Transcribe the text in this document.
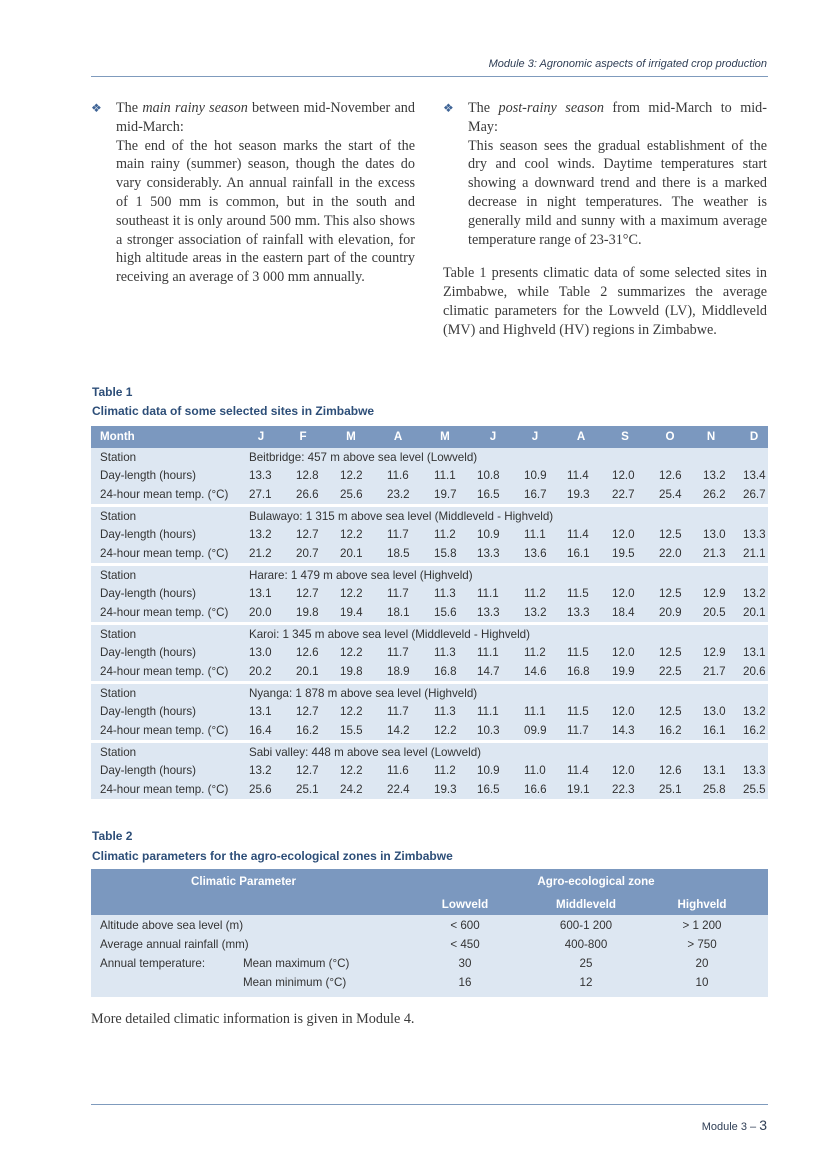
Module 3: Agronomic aspects of irrigated crop production
❖ The main rainy season between mid-November and mid-March:

The end of the hot season marks the start of the main rainy (summer) season, though the dates do vary considerably. An annual rainfall in the excess of 1 500 mm is common, but in the south and southeast it is only around 500 mm. This also shows a stronger association of rainfall with elevation, for high altitude areas in the eastern part of the country receiving an average of 3 000 mm annually.

❖ The post-rainy season from mid-March to mid-May:

This season sees the gradual establishment of the dry and cool winds. Daytime temperatures start showing a downward trend and there is a marked decrease in night temperatures. The weather is generally mild and sunny with a maximum average temperature range of 23-31°C.

Table 1 presents climatic data of some selected sites in Zimbabwe, while Table 2 summarizes the average climatic parameters for the Lowveld (LV), Middleveld (MV) and Highveld (HV) regions in Zimbabwe.

Table 1
Climatic data of some selected sites in Zimbabwe
Month	J	F	M	A	M	J	J	A	S	O	N	D
Station	Beitbridge: 457 m above sea level (Lowveld)
Day-length (hours)	13.3 12.8 12.2 11.6 11.1 10.8 10.9 11.4 12.0 12.6 13.2 13.4
24-hour mean temp. (°C) 27.1 26.6 25.6 23.2 19.7 16.5 16.7 19.3 22.7 25.4 26.2 26.7
Station	Bulawayo: 1 315 m above sea level (Middleveld - Highveld)
Day-length (hours)	13.2 12.7 12.2 11.7 11.2 10.9 11.1 11.4 12.0 12.5 13.0 13.3
24-hour mean temp. (°C) 21.2 20.7 20.1 18.5 15.8 13.3 13.6 16.1 19.5 22.0 21.3 21.1
Station	Harare: 1 479 m above sea level (Highveld)
Day-length (hours)	13.1 12.7 12.2 11.7 11.3 11.1 11.2 11.5 12.0 12.5 12.9 13.2
24-hour mean temp. (°C) 20.0 19.8 19.4 18.1 15.6 13.3 13.2 13.3 18.4 20.9 20.5 20.1
Station	Karoi: 1 345 m above sea level (Middleveld - Highveld)
Day-length (hours)	13.0 12.6 12.2 11.7 11.3 11.1 11.2 11.5 12.0 12.5 12.9 13.1
24-hour mean temp. (°C) 20.2 20.1 19.8 18.9 16.8 14.7 14.6 16.8 19.9 22.5 21.7 20.6
Station	Nyanga: 1 878 m above sea level (Highveld)
Day-length (hours)	13.1 12.7 12.2 11.7 11.3 11.1 11.1 11.5 12.0 12.5 13.0 13.2
24-hour mean temp. (°C) 16.4 16.2 15.5 14.2 12.2 10.3 09.9 11.7 14.3 16.2 16.1 16.2
Station	Sabi valley: 448 m above sea level (Lowveld)
Day-length (hours)	13.2 12.7 12.2 11.6 11.2 10.9 11.0 11.4 12.0 12.6 13.1 13.3
24-hour mean temp. (°C) 25.6 25.1 24.2 22.4 19.3 16.5 16.6 19.1 22.3 25.1 25.8 25.5
Table 2
Climatic parameters for the agro-ecological zones in Zimbabwe
Climatic Parameter	Agro-ecological zone
Lowveld	Middleveld	Highveld
Altitude above sea level (m)	< 600	600-1 200	> 1 200
Average annual rainfall (mm)	< 450	400-800	> 750
Annual temperature:	Mean maximum (°C)	30	25	20
Mean minimum (°C)	16	12	10
More detailed climatic information is given in Module 4.
Module 3 – 3
